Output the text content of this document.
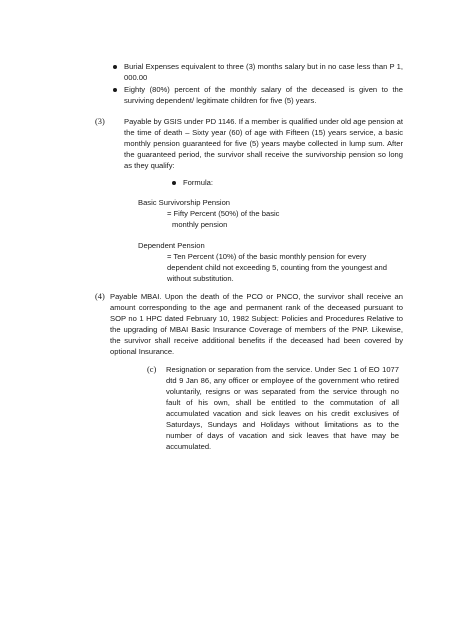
Burial Expenses equivalent to three (3) months salary but in no case less than P 1, 000.00

Eighty (80%) percent of the monthly salary of the deceased is given to the surviving dependent/ legitimate children for five (5) years.

(3)	Payable by GSIS under PD 1146. If a member is qualified under old age pension at the time of death – Sixty year (60) of age with Fifteen (15) years service, a basic monthly pension guaranteed for five (5) years maybe collected in lump sum. After the guaranteed period, the survivor shall receive the survivorship pension so long as they qualify:

Formula:
Basic Survivorship Pension
= Fifty Percent (50%) of the basic
monthly pension
Dependent Pension

= Ten Percent (10%) of the basic monthly pension for every dependent child not exceeding 5, counting from the youngest and without substitution.

(4) Payable MBAI. Upon the death of the PCO or PNCO, the survivor shall receive an amount corresponding to the age and permanent rank of the deceased pursuant to SOP no 1 HPC dated February 10, 1982 Subject: Policies and Procedures Relative to the upgrading of MBAI Basic Insurance Coverage of members of the PNP. Likewise, the survivor shall receive additional benefits if the deceased had been covered by optional Insurance.

(c) Resignation or separation from the service. Under Sec 1 of EO 1077 dtd 9 Jan 86, any officer or employee of the government who retired voluntarily, resigns or was separated from the service through no fault of his own, shall be entitled to the commutation of all accumulated vacation and sick leaves on his credit exclusives of Saturdays, Sundays and Holidays without limitations as to the number of days of vacation and sick leaves that have may be accumulated.
